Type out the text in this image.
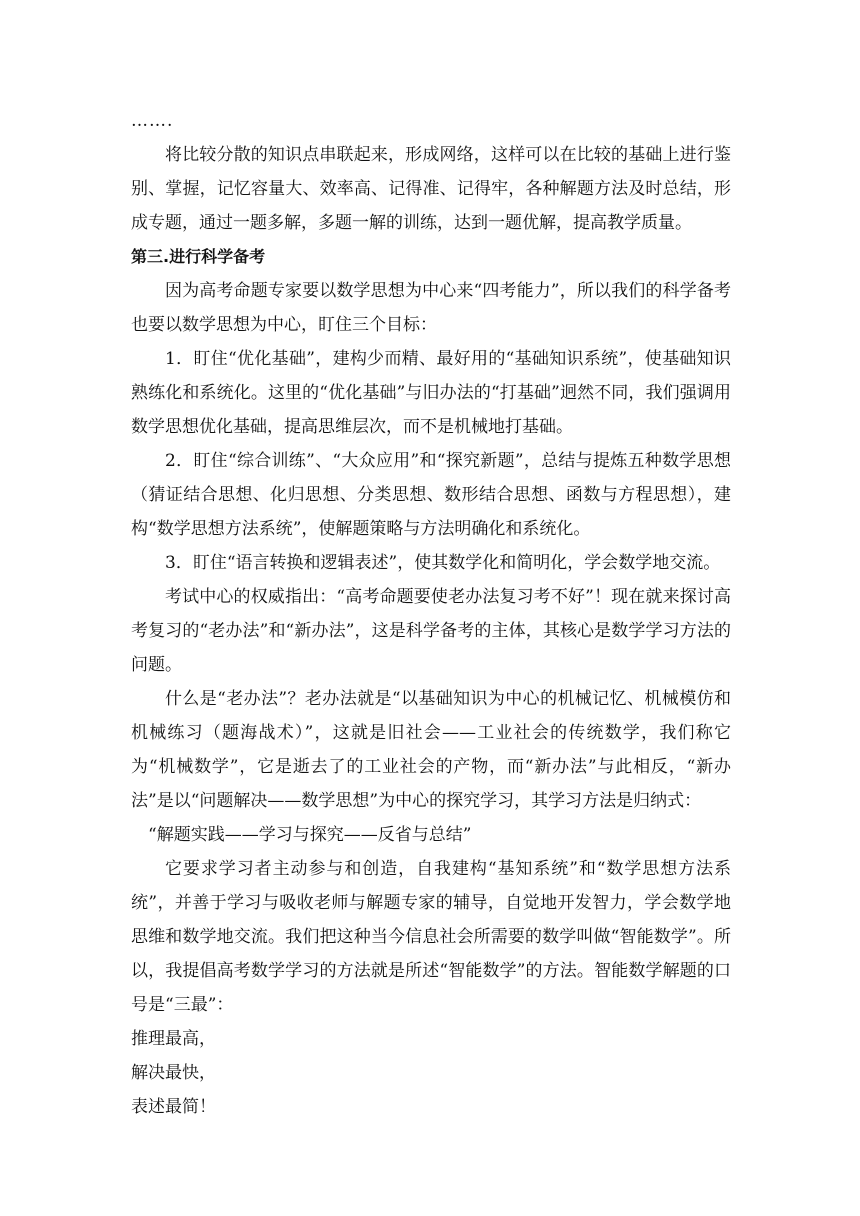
…….

将比较分散的知识点串联起来，形成网络，这样可以在比较的基础上进行鉴别、掌握，记忆容量大、效率高、记得准、记得牢，各种解题方法及时总结，形成专题，通过一题多解，多题一解的训练，达到一题优解，提高教学质量。

第三.进行科学备考

因为高考命题专家要以数学思想为中心来“四考能力”，所以我们的科学备考也要以数学思想为中心，盯住三个目标：

1．盯住“优化基础”，建构少而精、最好用的“基础知识系统”，使基础知识熟练化和系统化。这里的“优化基础”与旧办法的“打基础”迥然不同，我们强调用数学思想优化基础，提高思维层次，而不是机械地打基础。

2．盯住“综合训练”、“大众应用”和“探究新题”，总结与提炼五种数学思想（猜证结合思想、化归思想、分类思想、数形结合思想、函数与方程思想），建构“数学思想方法系统”，使解题策略与方法明确化和系统化。

3．盯住“语言转换和逻辑表述”，使其数学化和简明化，学会数学地交流。

考试中心的权威指出：“高考命题要使老办法复习考不好”！现在就来探讨高考复习的“老办法”和“新办法”，这是科学备考的主体，其核心是数学学习方法的问题。

什么是“老办法”？老办法就是“以基础知识为中心的机械记忆、机械模仿和机械练习（题海战术）”，这就是旧社会——工业社会的传统数学，我们称它为“机械数学”，它是逝去了的工业社会的产物，而“新办法”与此相反，“新办法”是以“问题解决——数学思想”为中心的探究学习，其学习方法是归纳式：

“解题实践——学习与探究——反省与总结”

它要求学习者主动参与和创造，自我建构“基知系统”和“数学思想方法系统”，并善于学习与吸收老师与解题专家的辅导，自觉地开发智力，学会数学地思维和数学地交流。我们把这种当今信息社会所需要的数学叫做“智能数学”。所以，我提倡高考数学学习的方法就是所述“智能数学”的方法。智能数学解题的口号是“三最”：

推理最高，

解决最快，

表述最简！
